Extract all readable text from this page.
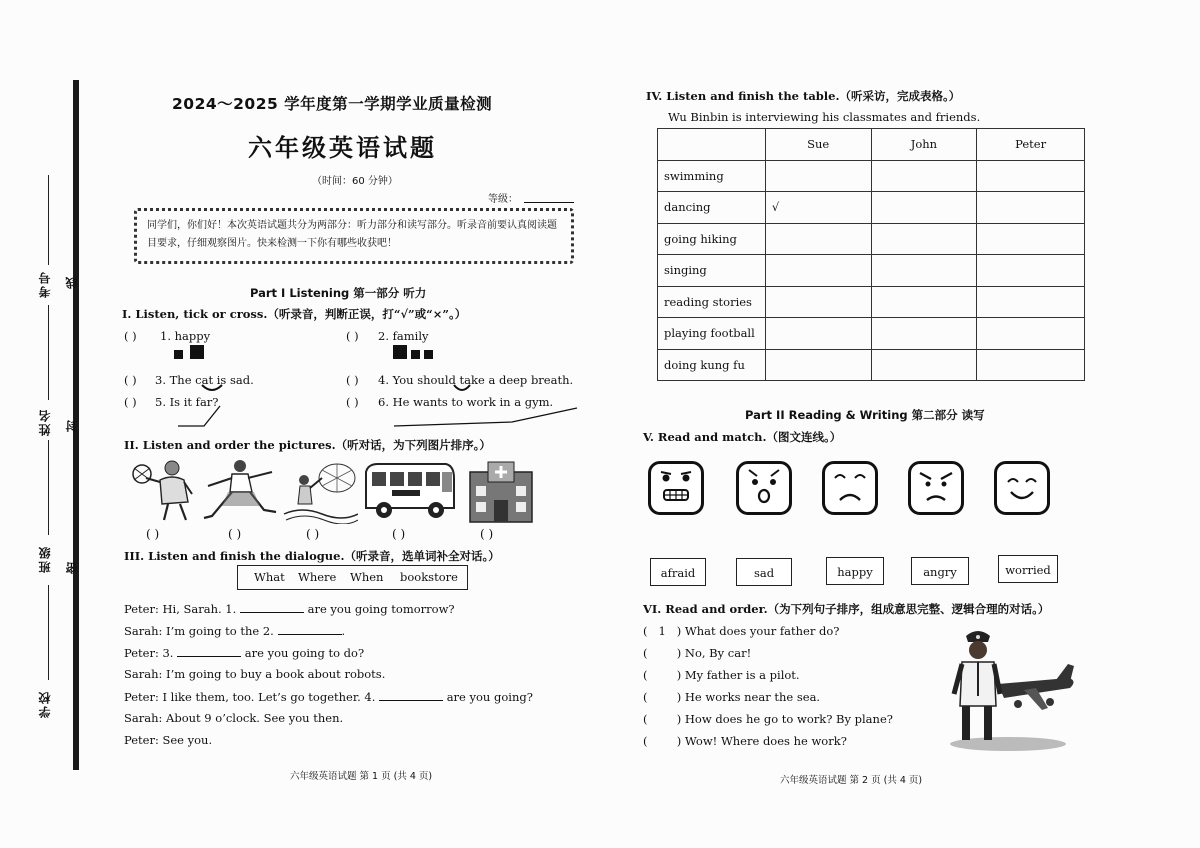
考号 线
姓名 封
班级 密
学校
2024～2025 学年度第一学期学业质量检测
六年级英语试题
（时间：60 分钟）
等级：
同学们，你们好！本次英语试题共分为两部分：听力部分和读写部分。听录音前要认真阅读题目要求，仔细观察图片。快来检测一下你有哪些收获吧！
Part I Listening 第一部分 听力
I. Listen, tick or cross.（听录音，判断正误，打“√”或“×”。）
( ) 1. happy	( ) 2. family
( ) 3. The cat is sad.	( ) 4. You should take a deep breath.
( ) 5. Is it far?	( ) 6. He wants to work in a gym.
II. Listen and order the pictures.（听对话，为下列图片排序。）
( )	( )	( )	( )	( )
III. Listen and finish the dialogue.（听录音，选单词补全对话。）
What Where When bookstore
Peter: Hi, Sarah. 1.	are you going tomorrow?
Sarah: I’m going to the 2.	.
Peter: 3.	are you going to do?
Sarah: I’m going to buy a book about robots.
Peter: I like them, too. Let’s go together. 4.	are you going?
Sarah: About 9 o’clock. See you then.
Peter: See you.
六年级英语试题 第 1 页 (共 4 页)
IV. Listen and finish the table.（听采访，完成表格。）
Wu Binbin is interviewing his classmates and friends.
	Sue	John	Peter
swimming			
dancing	√		
going hiking			
singing			
reading stories			
playing football			
doing kung fu			
Part II Reading & Writing 第二部分 读写
V. Read and match.（图文连线。）
afraid	sad	happy	angry	worried
VI. Read and order.（为下列句子排序，组成意思完整、逻辑合理的对话。）
(   1   ) What does your father do?
(        ) No, By car!
(        ) My father is a pilot.
(        ) He works near the sea.
(        ) How does he go to work? By plane?
(        ) Wow! Where does he work?
六年级英语试题 第 2 页 (共 4 页)
